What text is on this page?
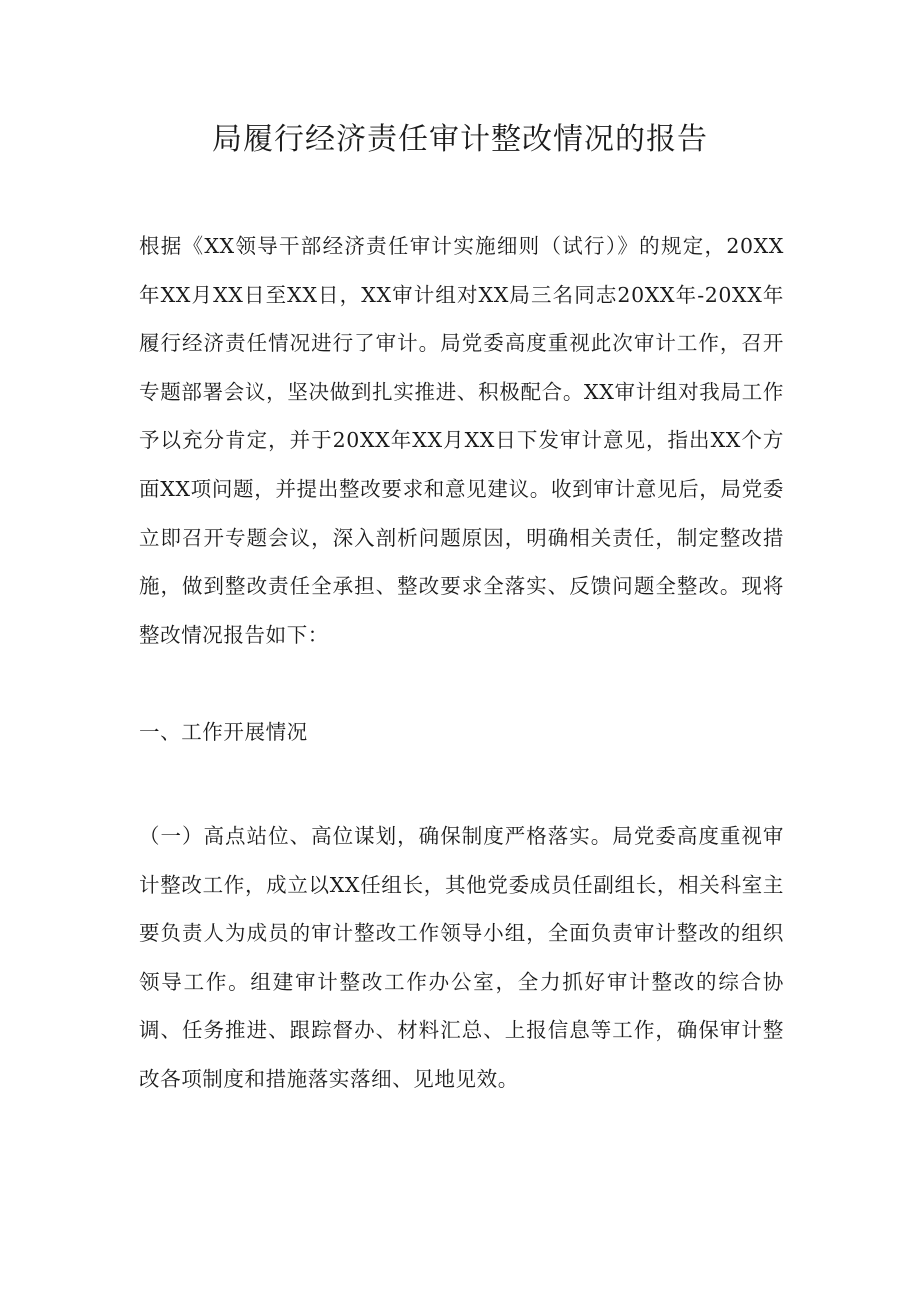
局履行经济责任审计整改情况的报告

根据《XX领导干部经济责任审计实施细则（试行）》的规定，20XX年XX月XX日至XX日，XX审计组对XX局三名同志20XX年-20XX年履行经济责任情况进行了审计。局党委高度重视此次审计工作，召开专题部署会议，坚决做到扎实推进、积极配合。XX审计组对我局工作予以充分肯定，并于20XX年XX月XX日下发审计意见，指出XX个方面XX项问题，并提出整改要求和意见建议。收到审计意见后，局党委立即召开专题会议，深入剖析问题原因，明确相关责任，制定整改措施，做到整改责任全承担、整改要求全落实、反馈问题全整改。现将整改情况报告如下：

一、工作开展情况

（一）高点站位、高位谋划，确保制度严格落实。局党委高度重视审计整改工作，成立以XX任组长，其他党委成员任副组长，相关科室主要负责人为成员的审计整改工作领导小组，全面负责审计整改的组织领导工作。组建审计整改工作办公室，全力抓好审计整改的综合协调、任务推进、跟踪督办、材料汇总、上报信息等工作，确保审计整改各项制度和措施落实落细、见地见效。
